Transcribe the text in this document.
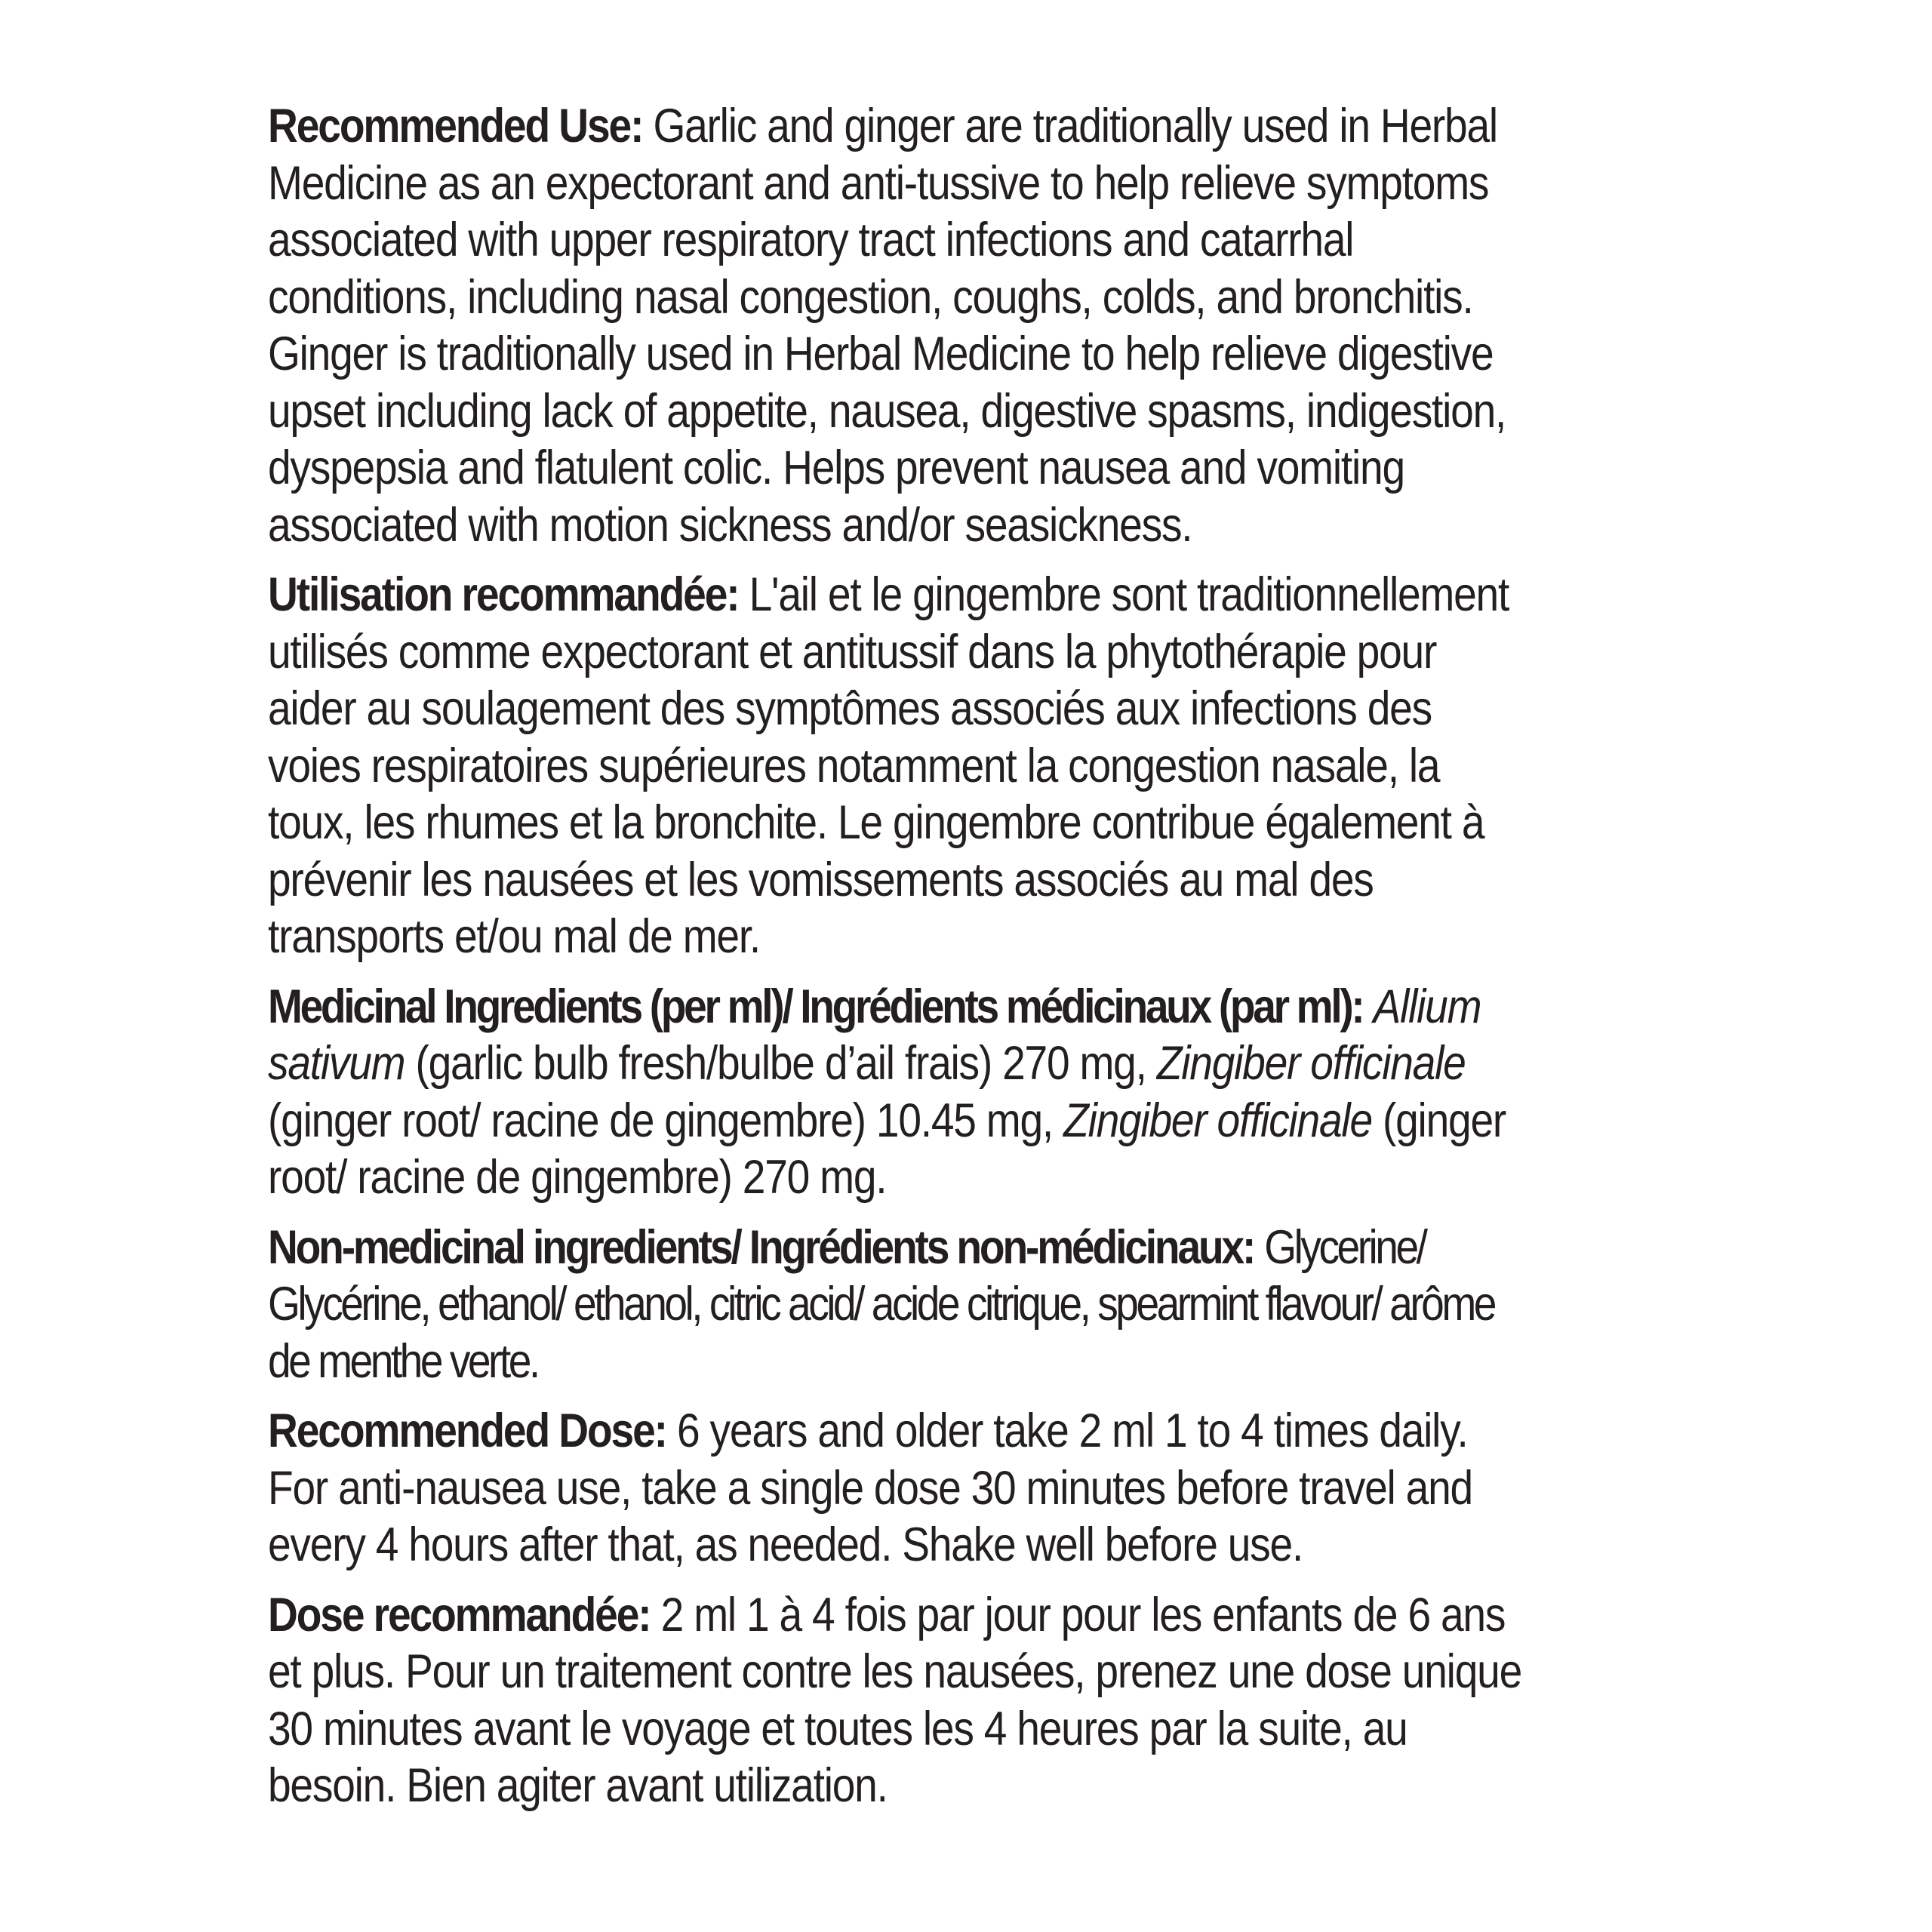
Recommended Use: Garlic and ginger are traditionally used in Herbal Medicine as an expectorant and anti-tussive to help relieve symptoms associated with upper respiratory tract infections and catarrhal conditions, including nasal congestion, coughs, colds, and bronchitis. Ginger is traditionally used in Herbal Medicine to help relieve digestive upset including lack of appetite, nausea, digestive spasms, indigestion, dyspepsia and flatulent colic. Helps prevent nausea and vomiting associated with motion sickness and/or seasickness.

Utilisation recommandée: L'ail et le gingembre sont traditionnellement utilisés comme expectorant et antitussif dans la phytothérapie pour aider au soulagement des symptômes associés aux infections des voies respiratoires supérieures notamment la congestion nasale, la toux, les rhumes et la bronchite. Le gingembre contribue également à prévenir les nausées et les vomissements associés au mal des transports et/ou mal de mer.

Medicinal Ingredients (per ml)/ Ingrédients médicinaux (par ml): Allium sativum (garlic bulb fresh/bulbe d’ail frais) 270 mg, Zingiber officinale (ginger root/ racine de gingembre) 10.45 mg, Zingiber officinale (ginger root/ racine de gingembre) 270 mg.

Non-medicinal ingredients/ Ingrédients non-médicinaux: Glycerine/ Glycérine, ethanol/ ethanol, citric acid/ acide citrique, spearmint flavour/ arôme de menthe verte.

Recommended Dose: 6 years and older take 2 ml 1 to 4 times daily. For anti-nausea use, take a single dose 30 minutes before travel and every 4 hours after that, as needed. Shake well before use.

Dose recommandée: 2 ml 1 à 4 fois par jour pour les enfants de 6 ans et plus. Pour un traitement contre les nausées, prenez une dose unique 30 minutes avant le voyage et toutes les 4 heures par la suite, au besoin. Bien agiter avant utilization.
